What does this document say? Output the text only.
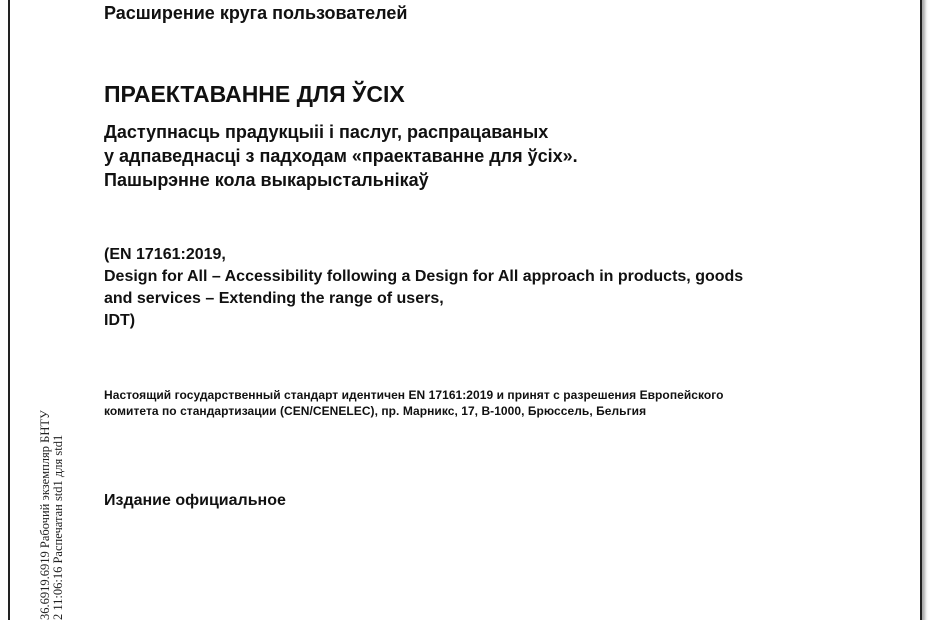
36.6919.6919 Рабочий экземпляр БНТУ 2 11:06:16 Распечатан std1 для std1
Расширение круга пользователей
ПРАЕКТАВАННЕ ДЛЯ ЎСІХ
Даступнасць прадукцыіі і паслуг, распрацаваных
у адпаведнасці з падходам «праектаванне для ўсіх».
Пашырэнне кола выкарыстальнікаў
(EN 17161:2019,
Design for All – Accessibility following a Design for All approach in products, goods
and services – Extending the range of users,
IDT)
Настоящий государственный стандарт идентичен EN 17161:2019 и принят с разрешения Европейского
комитета по стандартизации (CEN/CENELEC), пр. Марникс, 17, B-1000, Брюссель, Бельгия
Издание официальное
